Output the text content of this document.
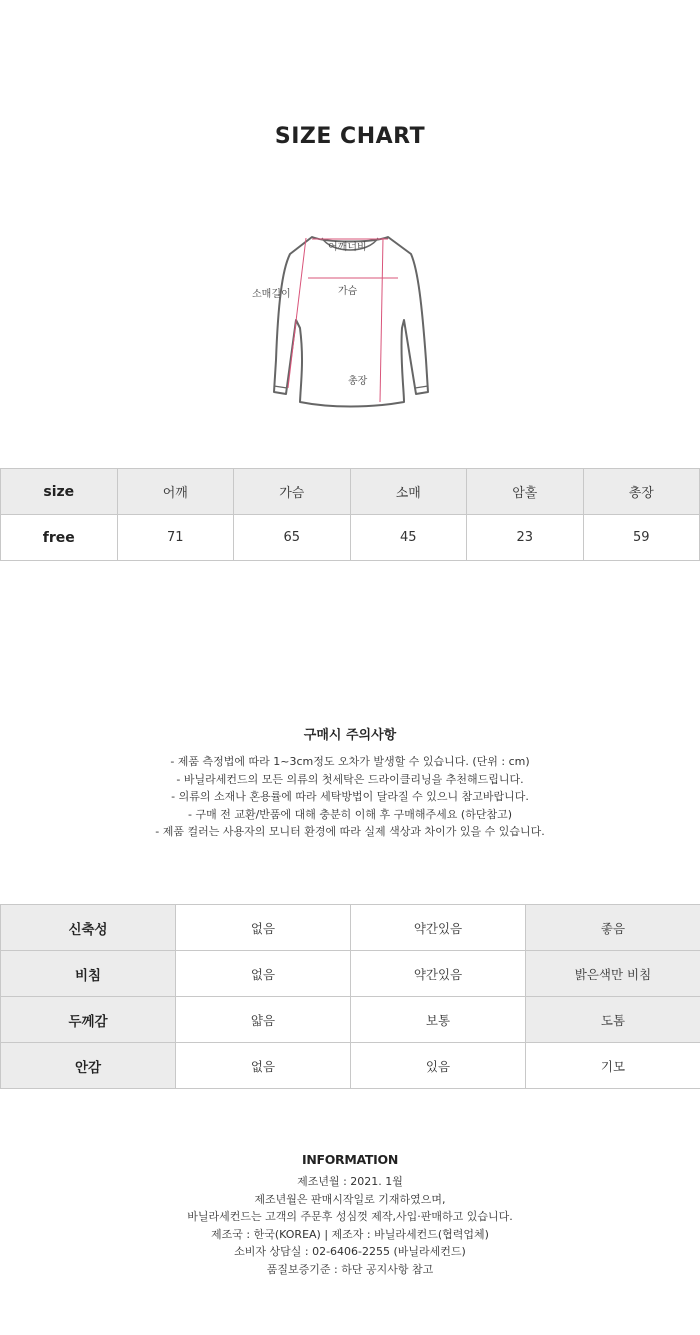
SIZE CHART
어깨너비
소매길이	가슴
총장
size	어깨	가슴	소매	암홀	총장
free	71	65	45	23	59
구매시 주의사항

- 제품 측정법에 따라 1~3cm정도 오차가 발생할 수 있습니다. (단위 : cm)

- 바닐라세컨드의 모든 의류의 첫세탁은 드라이클리닝을 추천해드립니다.

- 의류의 소재나 혼용률에 따라 세탁방법이 달라질 수 있으니 참고바랍니다.

- 구매 전 교환/반품에 대해 충분히 이해 후 구매해주세요 (하단참고)

- 제품 컬러는 사용자의 모니터 환경에 따라 실제 색상과 차이가 있을 수 있습니다.

신축성	없음	약간있음	좋음
비침	없음	약간있음	밝은색만 비침
두께감	얇음	보통	도톰
안감	없음	있음	기모
INFORMATION

제조년월 : 2021. 1월

제조년월은 판매시작일로 기재하였으며,

바닐라세컨드는 고객의 주문후 성심껏 제작,사입·판매하고 있습니다.

제조국 : 한국(KOREA) | 제조자 : 바닐라세컨드(협력업체)

소비자 상담실 : 02-6406-2255 (바닐라세컨드)

품질보증기준 : 하단 공지사항 참고
